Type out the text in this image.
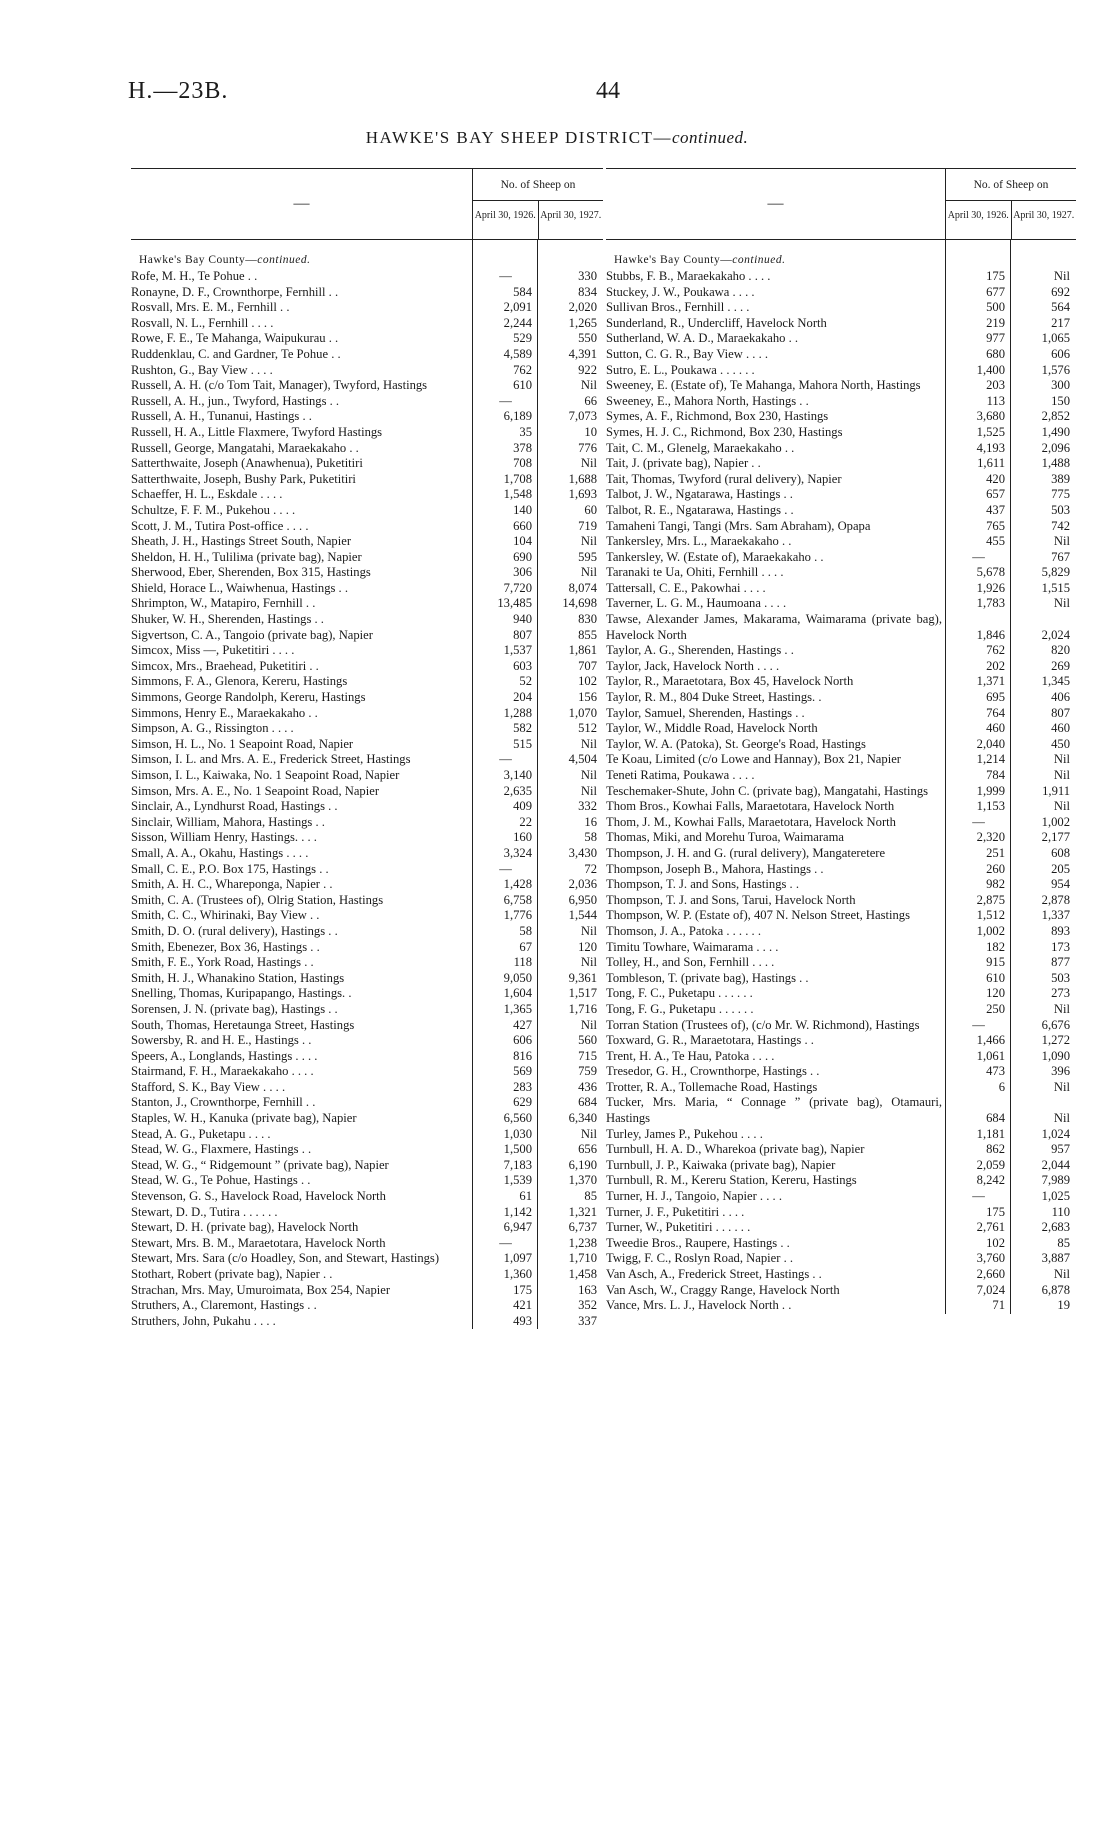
H.—23B.	44
HAWKE'S BAY SHEEP DISTRICT—continued.
—
No. of Sheep on
April 30, 1926. April 30, 1927.
Hawke's Bay County—continued.
Rofe, M. H., Te Pohue . .	—	330
Ronayne, D. F., Crownthorpe, Fernhill . .	584	834
Rosvall, Mrs. E. M., Fernhill . .	2,091	2,020
Rosvall, N. L., Fernhill . . . .	2,244	1,265
Rowe, F. E., Te Mahanga, Waipukurau . .	529	550
Ruddenklau, C. and Gardner, Te Pohue . .	4,589	4,391
Rushton, G., Bay View . . . .	762	922
Russell, A. H. (c/o Tom Tait, Manager), Twyford, Hastings	610	Nil
Russell, A. H., jun., Twyford, Hastings . .	—	66
Russell, A. H., Tunanui, Hastings . .	6,189	7,073
Russell, H. A., Little Flaxmere, Twyford Hastings	35	10
Russell, George, Mangatahi, Maraekakaho . .	378	776
Satterthwaite, Joseph (Anawhenua), Puketitiri	708	Nil
Satterthwaite, Joseph, Bushy Park, Puketitiri	1,708	1,688
Schaeffer, H. L., Eskdale . . . .	1,548	1,693
Schultze, F. F. M., Pukehou . . . .	140	60
Scott, J. M., Tutira Post-office . . . .	660	719
Sheath, J. H., Hastings Street South, Napier	104	Nil
Sheldon, H. H., Tuliliма (private bag), Napier	690	595
Sherwood, Eber, Sherenden, Box 315, Hastings	306	Nil
Shield, Horace L., Waiwhenua, Hastings . .	7,720	8,074
Shrimpton, W., Matapiro, Fernhill . .	13,485	14,698
Shuker, W. H., Sherenden, Hastings . .	940	830
Sigvertson, C. A., Tangoio (private bag), Napier	807	855
Simcox, Miss —, Puketitiri . . . .	1,537	1,861
Simcox, Mrs., Braehead, Puketitiri . .	603	707
Simmons, F. A., Glenora, Kereru, Hastings	52	102
Simmons, George Randolph, Kereru, Hastings	204	156
Simmons, Henry E., Maraekakaho . .	1,288	1,070
Simpson, A. G., Rissington . . . .	582	512
Simson, H. L., No. 1 Seapoint Road, Napier	515	Nil
Simson, I. L. and Mrs. A. E., Frederick Street, Hastings	—	4,504
Simson, I. L., Kaiwaka, No. 1 Seapoint Road, Napier	3,140	Nil
Simson, Mrs. A. E., No. 1 Seapoint Road, Napier	2,635	Nil
Sinclair, A., Lyndhurst Road, Hastings . .	409	332
Sinclair, William, Mahora, Hastings . .	22	16
Sisson, William Henry, Hastings. . . .	160	58
Small, A. A., Okahu, Hastings . . . .	3,324	3,430
Small, C. E., P.O. Box 175, Hastings . .	—	72
Smith, A. H. C., Whareponga, Napier . .	1,428	2,036
Smith, C. A. (Trustees of), Olrig Station, Hastings	6,758	6,950
Smith, C. C., Whirinaki, Bay View . .	1,776	1,544
Smith, D. O. (rural delivery), Hastings . .	58	Nil
Smith, Ebenezer, Box 36, Hastings . .	67	120
Smith, F. E., York Road, Hastings . .	118	Nil
Smith, H. J., Whanakino Station, Hastings	9,050	9,361
Snelling, Thomas, Kuripapango, Hastings. .	1,604	1,517
Sorensen, J. N. (private bag), Hastings . .	1,365	1,716
South, Thomas, Heretaunga Street, Hastings	427	Nil
Sowersby, R. and H. E., Hastings . .	606	560
Speers, A., Longlands, Hastings . . . .	816	715
Stairmand, F. H., Maraekakaho . . . .	569	759
Stafford, S. K., Bay View . . . .	283	436
Stanton, J., Crownthorpe, Fernhill . .	629	684
Staples, W. H., Kanuka (private bag), Napier	6,560	6,340
Stead, A. G., Puketapu . . . .	1,030	Nil
Stead, W. G., Flaxmere, Hastings . .	1,500	656
Stead, W. G., “ Ridgemount ” (private bag), Napier	7,183	6,190
Stead, W. G., Te Pohue, Hastings . .	1,539	1,370
Stevenson, G. S., Havelock Road, Havelock North	61	85
Stewart, D. D., Tutira . . . . . .	1,142	1,321
Stewart, D. H. (private bag), Havelock North	6,947	6,737
Stewart, Mrs. B. M., Maraetotara, Havelock North	—	1,238
Stewart, Mrs. Sara (c/o Hoadley, Son, and Stewart, Hastings)	1,097	1,710
Stothart, Robert (private bag), Napier . .	1,360	1,458
Strachan, Mrs. May, Umuroimata, Box 254, Napier	175	163
Struthers, A., Claremont, Hastings . .	421	352
Struthers, John, Pukahu . . . .	493	337
—
No. of Sheep on
April 30, 1926. April 30, 1927.
Hawke's Bay County—continued.
Stubbs, F. B., Maraekakaho . . . .	175	Nil
Stuckey, J. W., Poukawa . . . .	677	692
Sullivan Bros., Fernhill . . . .	500	564
Sunderland, R., Undercliff, Havelock North	219	217
Sutherland, W. A. D., Maraekakaho . .	977	1,065
Sutton, C. G. R., Bay View . . . .	680	606
Sutro, E. L., Poukawa . . . . . .	1,400	1,576
Sweeney, E. (Estate of), Te Mahanga, Mahora North, Hastings	203	300
Sweeney, E., Mahora North, Hastings . .	113	150
Symes, A. F., Richmond, Box 230, Hastings	3,680	2,852
Symes, H. J. C., Richmond, Box 230, Hastings	1,525	1,490
Tait, C. M., Glenelg, Maraekakaho . .	4,193	2,096
Tait, J. (private bag), Napier . .	1,611	1,488
Tait, Thomas, Twyford (rural delivery), Napier	420	389
Talbot, J. W., Ngatarawa, Hastings . .	657	775
Talbot, R. E., Ngatarawa, Hastings . .	437	503
Tamaheni Tangi, Tangi (Mrs. Sam Abraham), Opapa	765	742
Tankersley, Mrs. L., Maraekakaho . .	455	Nil
Tankersley, W. (Estate of), Maraekakaho . .	—	767
Taranaki te Ua, Ohiti, Fernhill . . . .	5,678	5,829
Tattersall, C. E., Pakowhai . . . .	1,926	1,515
Taverner, L. G. M., Haumoana . . . .	1,783	Nil
Tawse, Alexander James, Makarama, Waimarama (private bag), Havelock North	1,846	2,024
Taylor, A. G., Sherenden, Hastings . .	762	820
Taylor, Jack, Havelock North . . . .	202	269
Taylor, R., Maraetotara, Box 45, Havelock North	1,371	1,345
Taylor, R. M., 804 Duke Street, Hastings. .	695	406
Taylor, Samuel, Sherenden, Hastings . .	764	807
Taylor, W., Middle Road, Havelock North	460	460
Taylor, W. A. (Patoka), St. George's Road, Hastings	2,040	450
Te Koau, Limited (c/o Lowe and Hannay), Box 21, Napier	1,214	Nil
Teneti Ratima, Poukawa . . . .	784	Nil
Teschemaker-Shute, John C. (private bag), Mangatahi, Hastings	1,999	1,911
Thom Bros., Kowhai Falls, Maraetotara, Havelock North	1,153	Nil
Thom, J. M., Kowhai Falls, Maraetotara, Havelock North	—	1,002
Thomas, Miki, and Morehu Turoa, Waimarama	2,320	2,177
Thompson, J. H. and G. (rural delivery), Mangateretere	251	608
Thompson, Joseph B., Mahora, Hastings . .	260	205
Thompson, T. J. and Sons, Hastings . .	982	954
Thompson, T. J. and Sons, Tarui, Havelock North	2,875	2,878
Thompson, W. P. (Estate of), 407 N. Nelson Street, Hastings	1,512	1,337
Thomson, J. A., Patoka . . . . . .	1,002	893
Timitu Towhare, Waimarama . . . .	182	173
Tolley, H., and Son, Fernhill . . . .	915	877
Tombleson, T. (private bag), Hastings . .	610	503
Tong, F. C., Puketapu . . . . . .	120	273
Tong, F. G., Puketapu . . . . . .	250	Nil
Torran Station (Trustees of), (c/o Mr. W. Richmond), Hastings	—	6,676
Toxward, G. R., Maraetotara, Hastings . .	1,466	1,272
Trent, H. A., Te Hau, Patoka . . . .	1,061	1,090
Tresedor, G. H., Crownthorpe, Hastings . .	473	396
Trotter, R. A., Tollemache Road, Hastings	6	Nil
Tucker, Mrs. Maria, “ Connage ” (private bag), Otamauri, Hastings	684	Nil
Turley, James P., Pukehou . . . .	1,181	1,024
Turnbull, H. A. D., Wharekoa (private bag), Napier	862	957
Turnbull, J. P., Kaiwaka (private bag), Napier	2,059	2,044
Turnbull, R. M., Kereru Station, Kereru, Hastings	8,242	7,989
Turner, H. J., Tangoio, Napier . . . .	—	1,025
Turner, J. F., Puketitiri . . . .	175	110
Turner, W., Puketitiri . . . . . .	2,761	2,683
Tweedie Bros., Raupere, Hastings . .	102	85
Twigg, F. C., Roslyn Road, Napier . .	3,760	3,887
Van Asch, A., Frederick Street, Hastings . .	2,660	Nil
Van Asch, W., Craggy Range, Havelock North	7,024	6,878
Vance, Mrs. L. J., Havelock North . .	71	19
